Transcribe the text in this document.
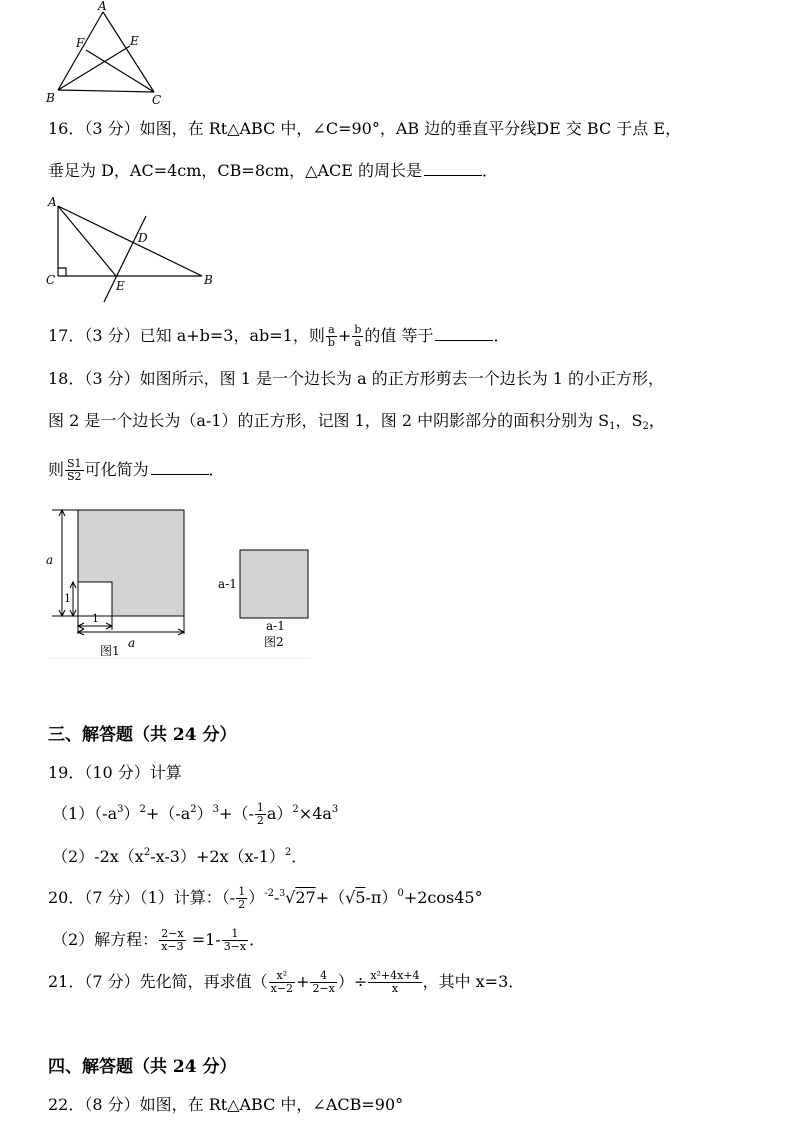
A
F	E
B	C
16．（3 分）如图，在 Rt△ABC 中，∠C=90°，AB 边的垂直平分线DE 交 BC 于点 E，
垂足为 D，AC=4cm，CB=8cm，△ACE 的周长是	．
A
D
C	E	B
17．（3 分）已知 a+b=3，ab=1，则 $\frac{a}{b} + \frac{b}{a}$ 的值 等于	．
18．（3 分）如图所示，图 1 是一个边长为 a 的正方形剪去一个边长为 1 的小正方形，
图 2 是一个边长为（a-1）的正方形，记图 1，图 2 中阴影部分的面积分别为 $S_1$，$S_2$，
则 $\frac{S1}{S2}$ 可化简为	．
a
1
1
a
图1
a-1
a-1
图2
三、解答题（共 24 分）
19．（10 分）计算
$(1)(-a^3)^2+(-a^2)^3+(- \frac{1}{2} a)^2\times 4a^3$
$(2)-2x(x^2-x-3)+2x(x-1)^2$．
20．（7 分）（1）计算：（- $\frac{1}{2} )^{-2}-^3√27+(√5-\pi)^0+2\cos 45^\circ$
（2）解方程： $\frac{2-x}{x-3} =1- \frac{1}{3-x}$ ．
21．（7 分）先化简，再求值（ $\frac{\text{x²}}{x-2} + \frac{4}{2-x}$ ）÷ $\frac{\text{x²+4x+4}}{x}$ ，其中 x=3．
四、解答题（共 24 分）
22．（8 分）如图，在 Rt△ABC 中，∠ACB=90°
